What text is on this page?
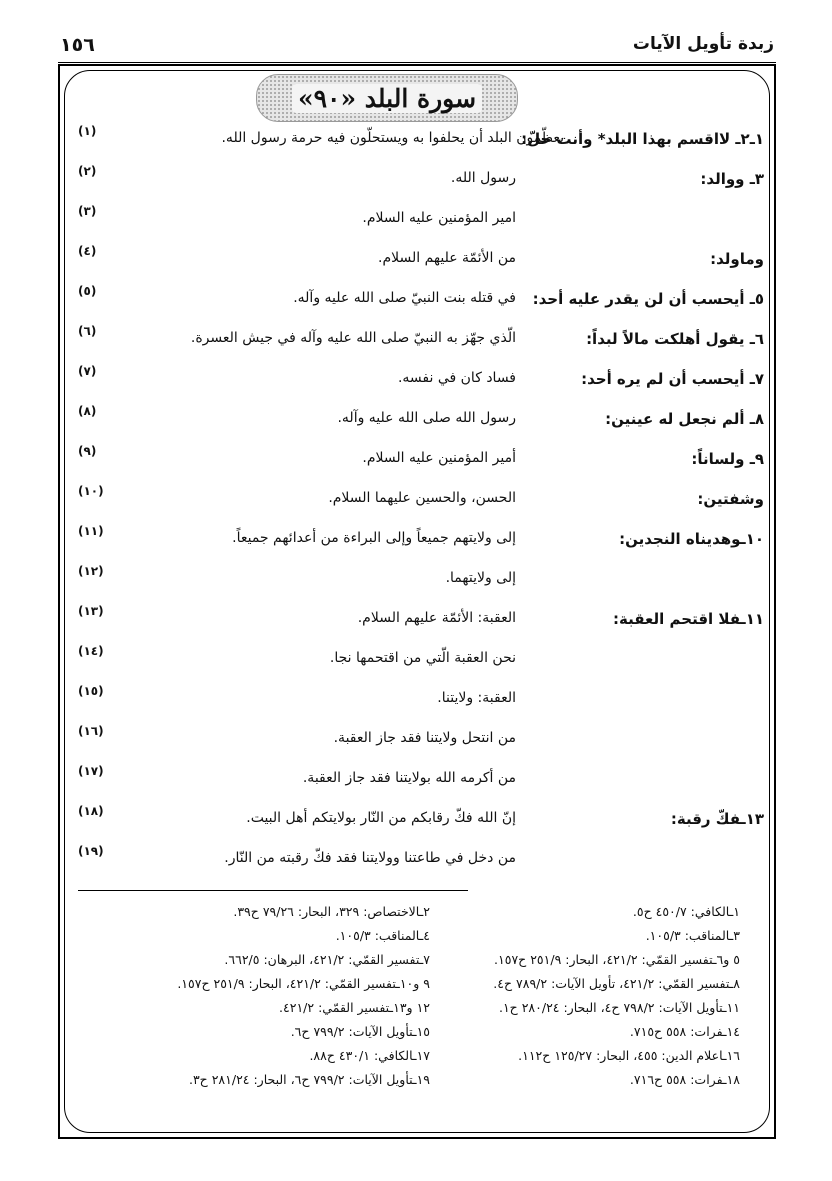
١٥٦	زبدة تأويل الآيات
سورة البلد «٩٠»
(١)	١ـ٢ـ لااقسم بهذا البلد* وأنت حلّ:
يعظّمون البلد أن يحلفوا به ويستحلّون فيه حرمة رسول الله.
(٢)	٣ـ ووالد:
رسول الله.
(٣)	امير المؤمنين عليه السلام.
(٤)	وماولد:
من الأئمّة عليهم السلام.
(٥)	٥ـ أيحسب أن لن يقدر عليه أحد:
في قتله بنت النبيّ صلى الله عليه وآله.
(٦)	٦ـ يقول أهلكت مالاً لبداً:
الّذي جهّز به النبيّ صلى الله عليه وآله في جيش العسرة.
(٧)	٧ـ أيحسب أن لم يره أحد:
فساد كان في نفسه.
(٨)	٨ـ ألم نجعل له عينين:
رسول الله صلى الله عليه وآله.
(٩)	٩ـ ولساناً:
أمير المؤمنين عليه السلام.
(١٠)	وشفتين:
الحسن، والحسين عليهما السلام.
(١١)	١٠ـوهديناه النجدين:
إلى ولايتهم جميعاً وإلى البراءة من أعدائهم جميعاً.
(١٢)	إلى ولايتهما.
(١٣)	١١ـفلا اقتحم العقبة:
العقبة: الأئمّة عليهم السلام.
(١٤)	نحن العقبة الّتي من اقتحمها نجا.
(١٥)	العقبة: ولايتنا.
(١٦)	من انتحل ولايتنا فقد جاز العقبة.
(١٧)	من أكرمه الله بولايتنا فقد جاز العقبة.
(١٨)	١٣ـفكّ رقبة:
إنّ الله فكّ رقابكم من النّار بولايتكم أهل البيت.
(١٩)	من دخل في طاعتنا وولايتنا فقد فكّ رقبته من النّار.
١ـالكافي: ٤٥٠/٧ ح٥.
٢ـالاختصاص: ٣٢٩، البحار: ٧٩/٢٦ ح٣٩.
٣ـالمناقب: ١٠٥/٣.
٤ـالمناقب: ١٠٥/٣.
٥ و٦ـتفسير القمّي: ٤٢١/٢، البحار: ٢٥١/٩ ح١٥٧.
٧ـتفسير القمّي: ٤٢١/٢، البرهان: ٦٦٢/٥.
٨ـتفسير القمّي: ٤٢١/٢، تأويل الآيات: ٧٨٩/٢ ح٤.
٩ و١٠ـتفسير القمّي: ٤٢١/٢، البحار: ٢٥١/٩ ح١٥٧.
١١ـتأويل الآيات: ٧٩٨/٢ ح٤، البحار: ٢٨٠/٢٤ ح١.
١٢ و١٣ـتفسير القمّي: ٤٢١/٢.
١٤ـفرات: ٥٥٨ ح٧١٥.
١٥ـتأويل الآيات: ٧٩٩/٢ ح٦.
١٦ـاعلام الدين: ٤٥٥، البحار: ١٢٥/٢٧ ح١١٢.
١٧ـالكافي: ٤٣٠/١ ح٨٨.
١٨ـفرات: ٥٥٨ ح٧١٦.
١٩ـتأويل الآيات: ٧٩٩/٢ ح٦، البحار: ٢٨١/٢٤ ح٣.
